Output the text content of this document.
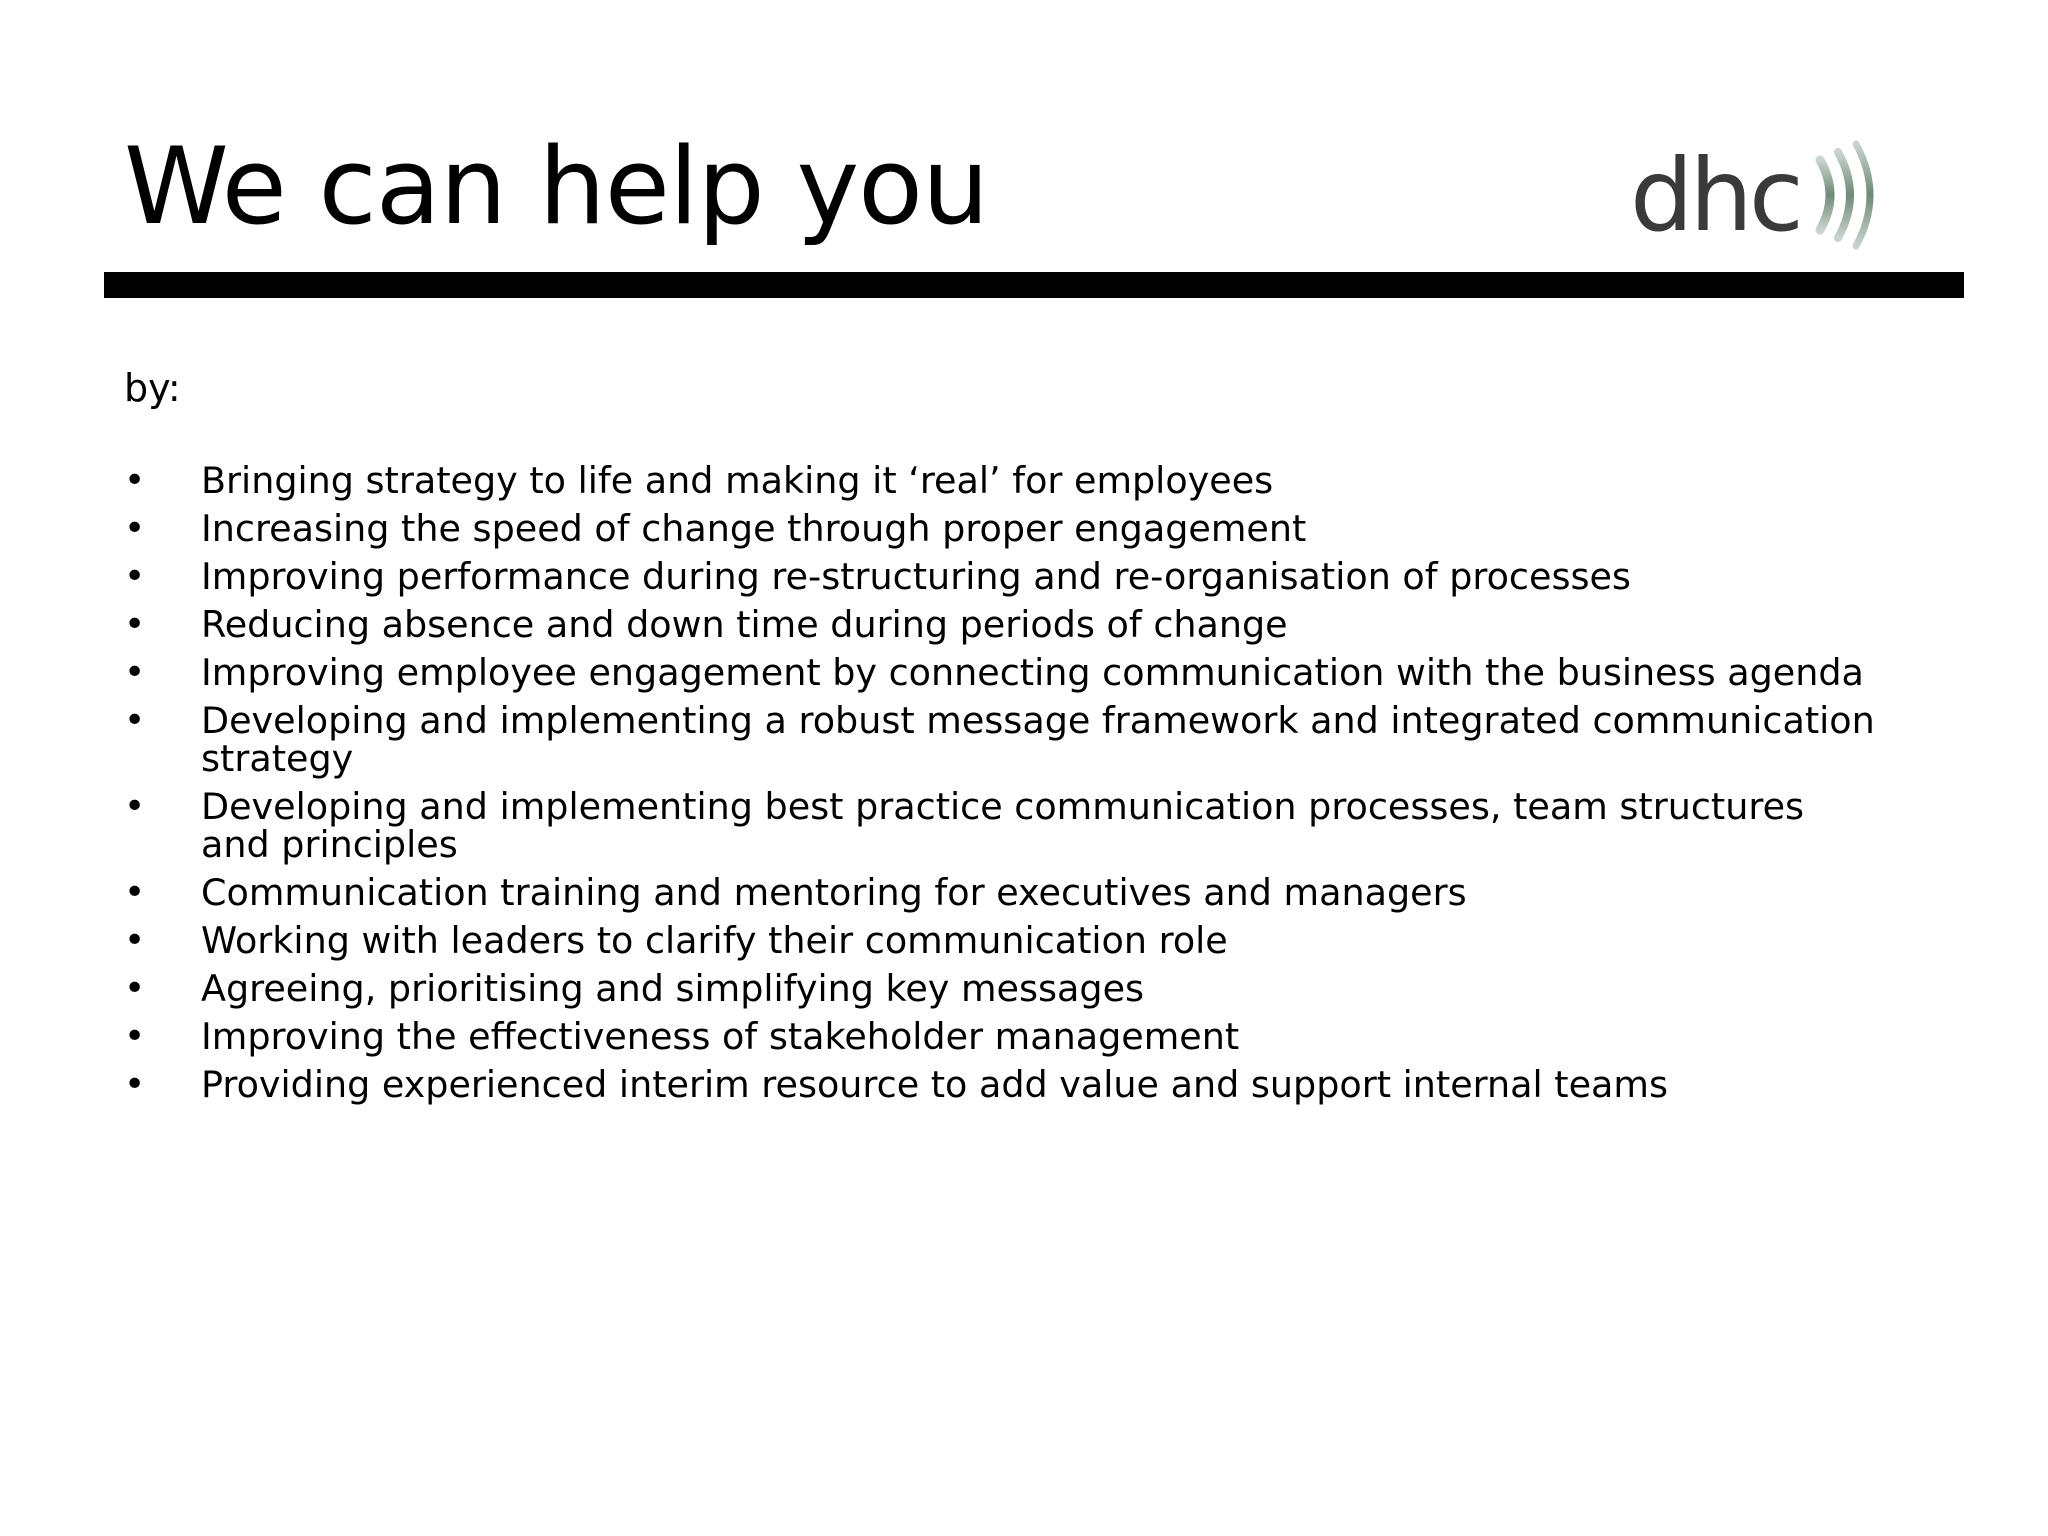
We can help you	dhc
by:
• Bringing strategy to life and making it ‘real’ for employees
• Increasing the speed of change through proper engagement
• Improving performance during re-structuring and re-organisation of processes
• Reducing absence and down time during periods of change
• Improving employee engagement by connecting communication with the business agenda
• Developing and implementing a robust message framework and integrated communication strategy
• Developing and implementing best practice communication processes, team structures and principles
• Communication training and mentoring for executives and managers
• Working with leaders to clarify their communication role
• Agreeing, prioritising and simplifying key messages
• Improving the effectiveness of stakeholder management
• Providing experienced interim resource to add value and support internal teams
